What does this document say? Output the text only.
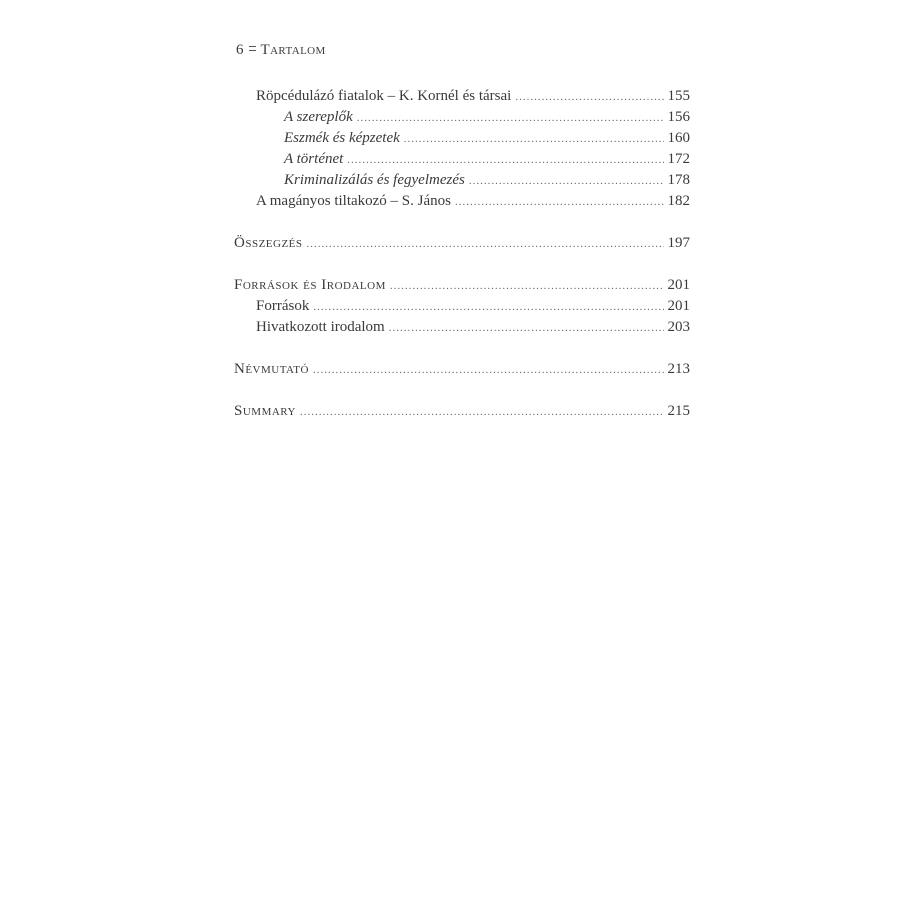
6 Tartalom
Röpcédulázó fiatalok – K. Kornél és társai .....	155
A szereplők .....	156
Eszmék és képzetek .....	160
A történet .....	172
Kriminalizálás és fegyelmezés .....	178
A magányos tiltakozó – S. János .....	182
Összegzés .....	197
Források és Irodalom .....	201
Források .....	201
Hivatkozott irodalom .....	203
Névmutató .....	213
Summary .....	215
